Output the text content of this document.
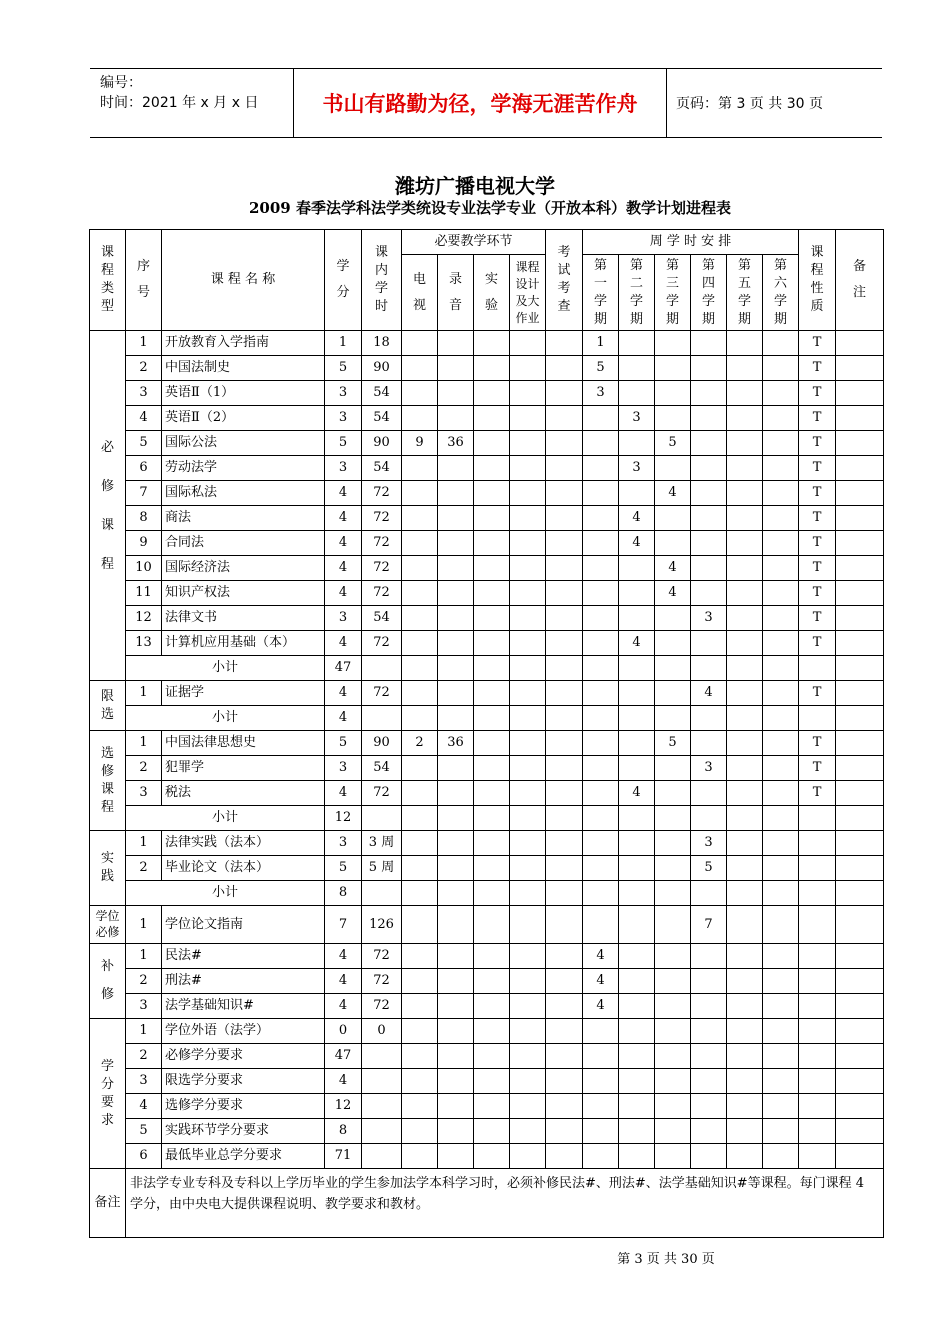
编号：
时间：2021 年 x 月 x 日	书山有路勤为径，学海无涯苦作舟	页码：第 3 页 共 30 页
潍坊广播电视大学
2009 春季法学科法学类统设专业法学专业（开放本科）教学计划进程表
课程类型	序号	课 程 名 称	学分	课内学时	必要教学环节				考试考查	周 学 时 安 排						课程性质	备注
					电视	录音	实验	课程设计及大作业		第一学期	第二学期	第三学期	第四学期	第五学期	第六学期		
必修课程	1	开放教育入学指南	1	18						1						T	
	2	中国法制史	5	90						5						T	
	3	英语Ⅱ（1）	3	54						3						T	
	4	英语Ⅱ（2）	3	54							3					T	
	5	国际公法	5	90	9	36						5				T	
	6	劳动法学	3	54							3					T	
	7	国际私法	4	72								4				T	
	8	商法	4	72							4					T	
	9	合同法	4	72							4					T	
	10	国际经济法	4	72								4				T	
	11	知识产权法	4	72								4				T	
	12	法律文书	3	54									3			T	
	13	计算机应用基础（本）	4	72							4					T	
	小计		47														
限选	1	证据学	4	72									4			T	
	小计		4														
选修课程	1	中国法律思想史	5	90	2	36						5				T	
	2	犯罪学	3	54									3			T	
	3	税法	4	72							4					T	
	小计		12														
实践	1	法律实践（法本）	3	3 周									3				
	2	毕业论文（法本）	5	5 周									5				
	小计		8														
学位必修	1	学位论文指南	7	126									7				
补修	1	民法#	4	72						4							
	2	刑法#	4	72						4							
	3	法学基础知识#	4	72						4							
学分要求	1	学位外语（法学）	0	0													
	2	必修学分要求	47														
	3	限选学分要求	4														
	4	选修学分要求	12														
	5	实践环节学分要求	8														
	6	最低毕业总学分要求	71														
备注	非法学专业专科及专科以上学历毕业的学生参加法学本科学习时，必须补修民法#、刑法#、法学基础知识#等课程。每门课程 4 学分，由中央电大提供课程说明、教学要求和教材。																
第 3 页 共 30 页
